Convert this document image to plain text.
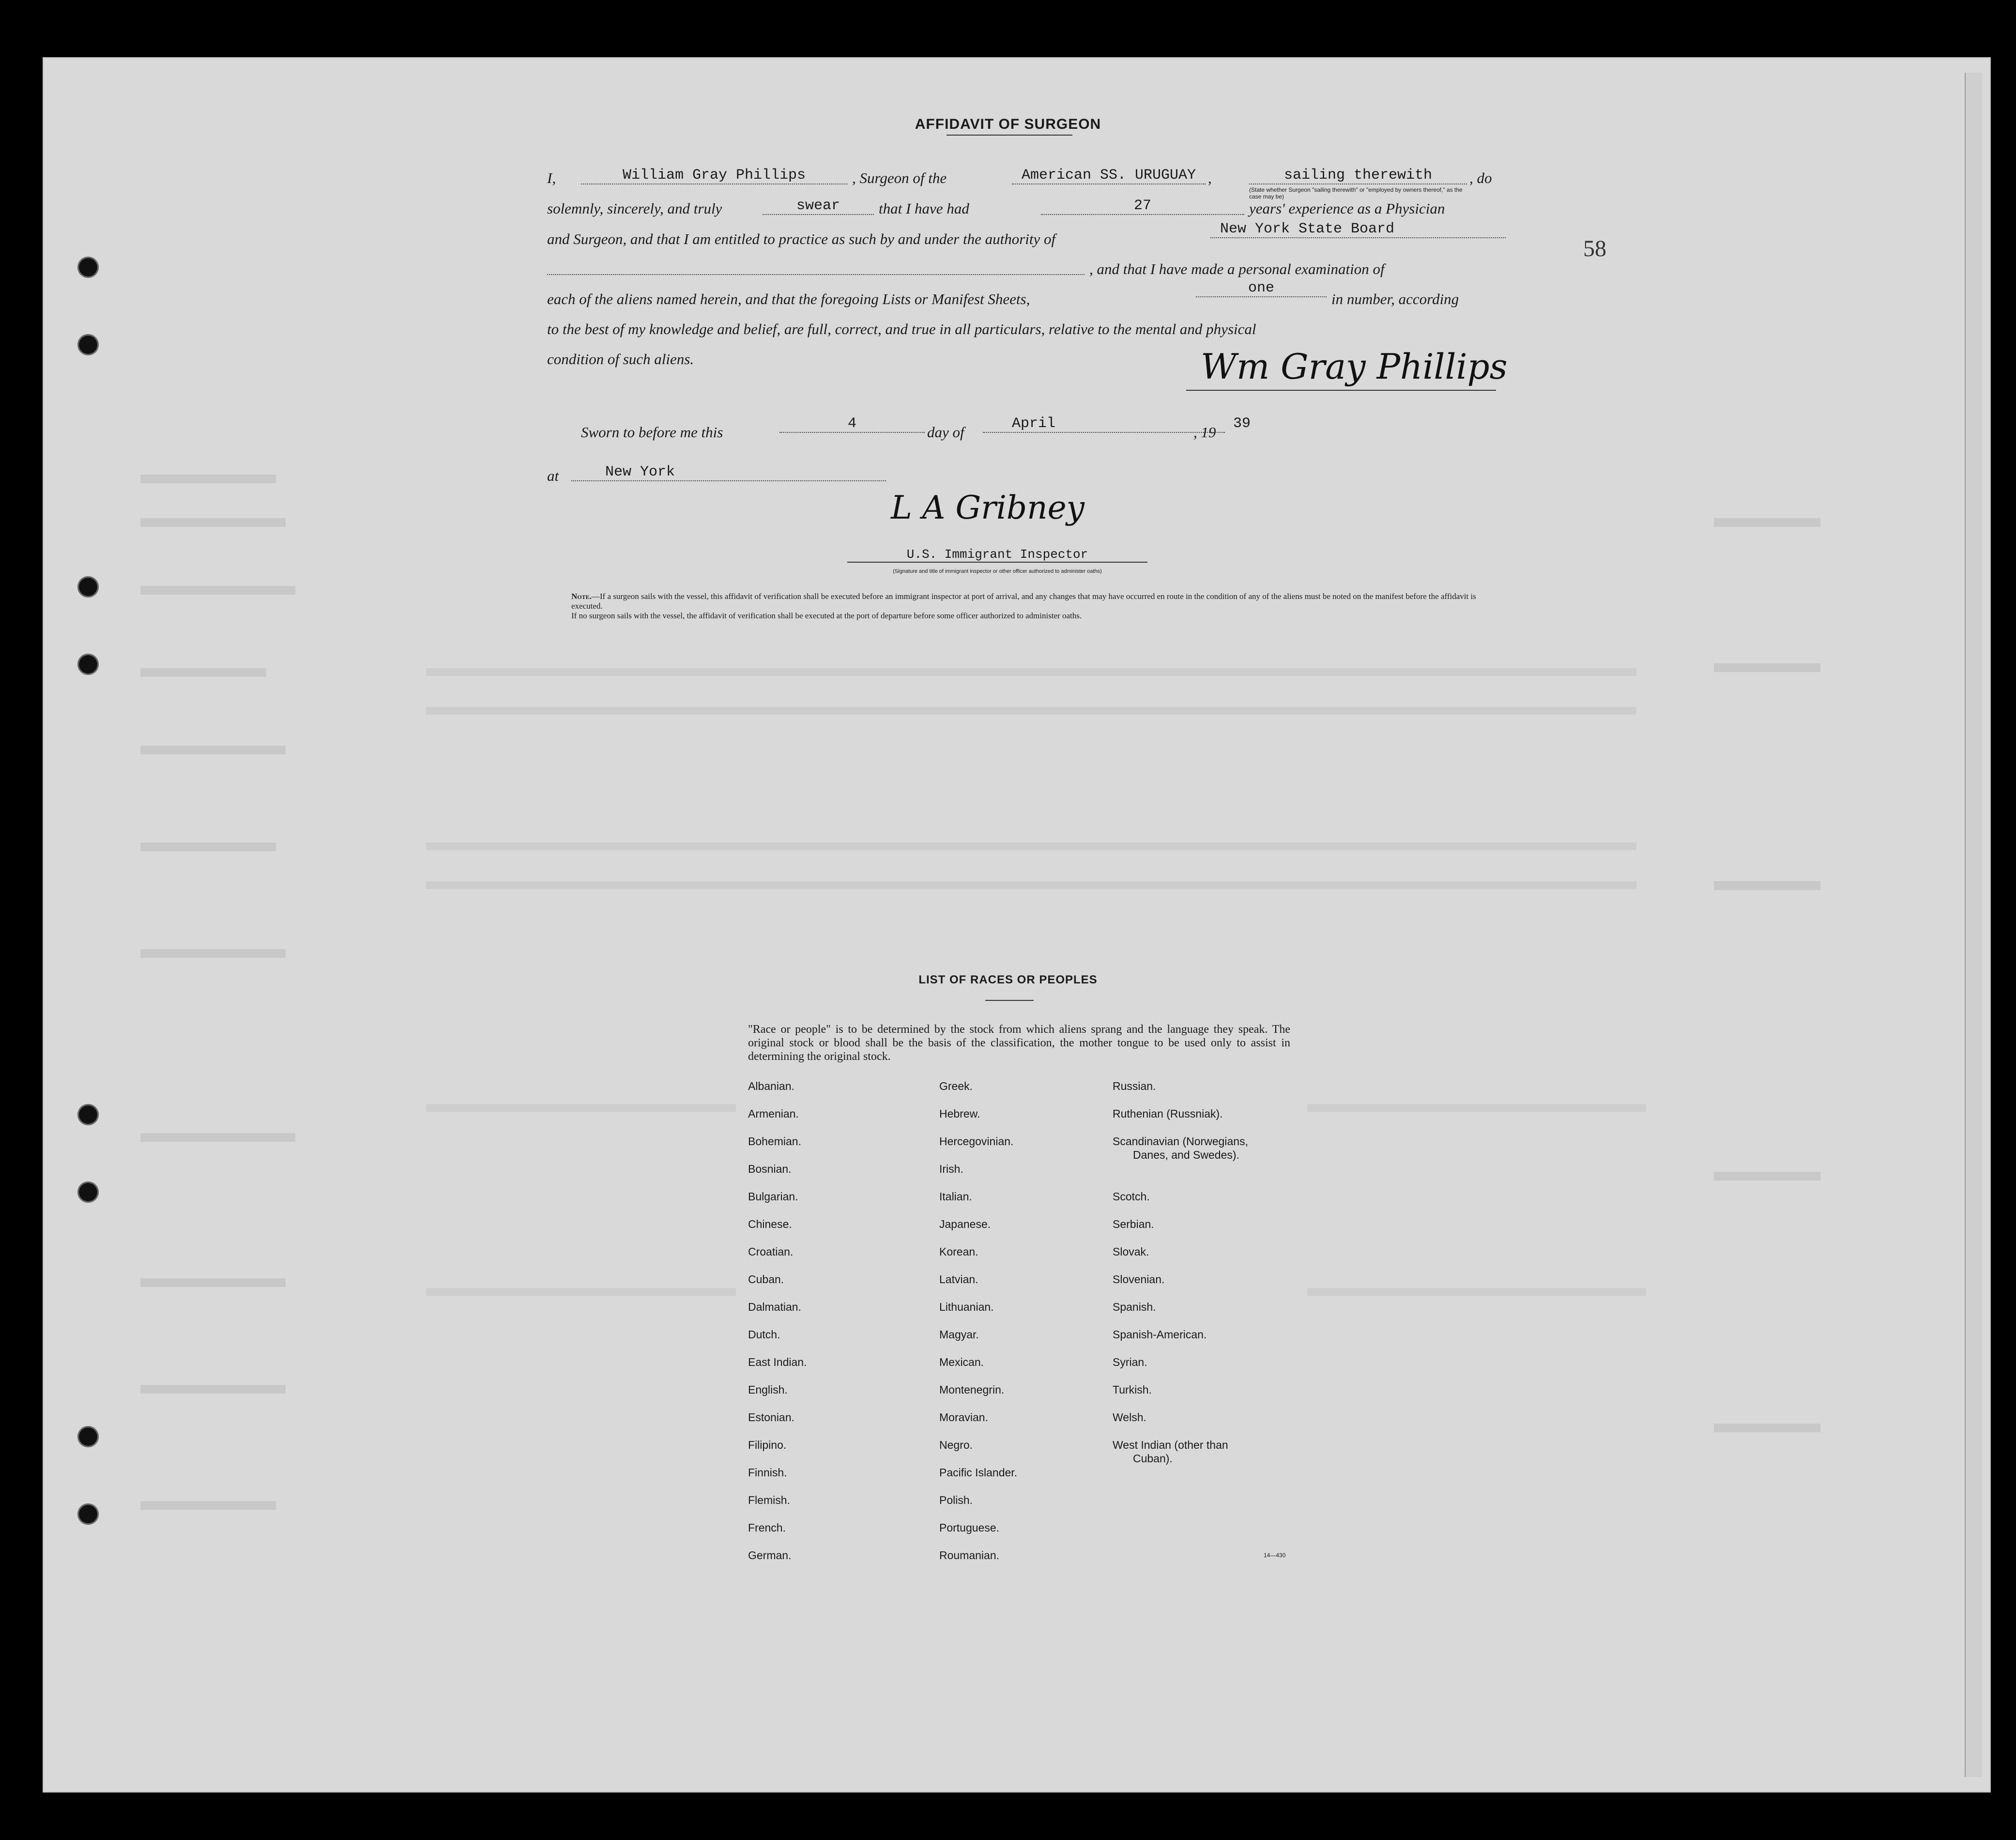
58
AFFIDAVIT OF SURGEON
I,	William Gray Phillips	, Surgeon of the	American SS. URUGUAY ,	sailing therewith	, do
(State whether Surgeon "sailing therewith" or "employed by owners thereof," as the case may be)
solemnly, sincerely, and truly	swear	that I have had	27	years' experience as a Physician
and Surgeon, and that I am entitled to practice as such by and under the authority of
New York State Board
, and that I have made a personal examination of
each of the aliens named herein, and that the foregoing Lists or Manifest Sheets,
one
in number, according
to the best of my knowledge and belief, are full, correct, and true in all particulars, relative to the mental and physical
condition of such aliens.	Wm Gray Phillips
Sworn to before me this	4	day of	April	, 19 39
at	New York
L A Gribney
U.S. Immigrant Inspector
(Signature and title of immigrant inspector or other officer authorized to administer oaths)
Note.—If a surgeon sails with the vessel, this affidavit of verification shall be executed before an immigrant inspector at port of arrival, and any changes that may have occurred en route in the condition of any of the aliens must be noted on the manifest before the affidavit is executed.
If no surgeon sails with the vessel, the affidavit of verification shall be executed at the port of departure before some officer authorized to administer oaths.
LIST OF RACES OR PEOPLES
"Race or people" is to be determined by the stock from which aliens sprang and the language they speak. The original stock or blood shall be the basis of the classification, the mother tongue to be used only to assist in determining the original stock.
Albanian.
Armenian.
Bohemian.
Bosnian.
Bulgarian.
Chinese.
Croatian.
Cuban.
Dalmatian.
Dutch.
East Indian.
English.
Estonian.
Filipino.
Finnish.
Flemish.
French.
German.
Greek.
Hebrew.
Hercegovinian.
Irish.
Italian.
Japanese.
Korean.
Latvian.
Lithuanian.
Magyar.
Mexican.
Montenegrin.
Moravian.
Negro.
Pacific Islander.
Polish.
Portuguese.
Roumanian.
Russian.
Ruthenian (Russniak).
Scandinavian (Norwegians,
Danes, and Swedes).
Scotch.
Serbian.
Slovak.
Slovenian.
Spanish.
Spanish-American.
Syrian.
Turkish.
Welsh.
West Indian (other than
Cuban).
14—430
